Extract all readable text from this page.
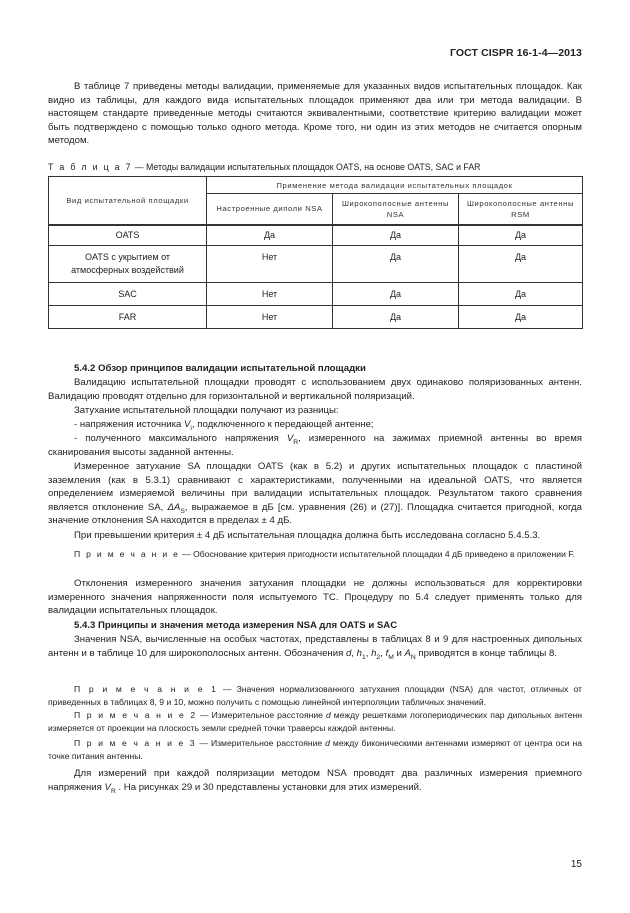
ГОСТ CISPR 16-1-4—2013

В таблице 7 приведены методы валидации, применяемые для указанных видов испытательных площадок. Как видно из таблицы, для каждого вида испытательных площадок применяют два или три метода валидации. В настоящем стандарте приведенные методы считаются эквивалентными, соответствие критерию валидации может быть подтверждено с помощью только одного метода. Кроме того, ни один из этих методов не считается опорным методом.

Т а б л и ц а 7 — Методы валидации испытательных площадок OATS, на основе OATS, SAC и FAR
Вид испытательной площадки	Применение метода валидации испытательных площадок		
	Настроенные диполи NSA	Широкополосные антенны NSA	Широкополосные антенны RSM
OATS	Да	Да	Да
OATS с укрытием от атмосферных воздействий	Нет	Да	Да
SAC	Нет	Да	Да
FAR	Нет	Да	Да

5.4.2 Обзор принципов валидации испытательной площадки

Валидацию испытательной площадки проводят с использованием двух одинаково поляризованных антенн. Валидацию проводят отдельно для горизонтальной и вертикальной поляризаций.

Затухание испытательной площадки получают из разницы:

- напряжения источника $V_i$, подключенного к передающей антенне;

- полученного максимального напряжения $V_R$, измеренного на зажимах приемной антенны во время сканирования высоты заданной антенны.

Измеренное затухание SA площадки OATS (как в 5.2) и других испытательных площадок с пластиной заземления (как в 5.3.1) сравнивают с характеристиками, полученными на идеальной OATS, что является определением измеряемой величины при валидации испытательных площадок. Результатом такого сравнения является отклонение SA, $\Delta A_S$, выражаемое в дБ [см. уравнения (26) и (27)]. Площадка считается пригодной, когда значение отклонения SA находится в пределах ± 4 дБ.

При превышении критерия ± 4 дБ испытательная площадка должна быть исследована согласно 5.4.5.3.

П р и м е ч а н и е — Обоснование критерия пригодности испытательной площадки 4 дБ приведено в приложении F.

Отклонения измеренного значения затухания площадки не должны использоваться для корректировки измеренного значения напряженности поля испытуемого ТС. Процедуру по 5.4 следует применять только для валидации испытательных площадок.

5.4.3 Принципы и значения метода измерения NSA для OATS и SAC

Значения NSA, вычисленные на особых частотах, представлены в таблицах 8 и 9 для настроенных дипольных антенн и в таблице 10 для широкополосных антенн. Обозначения d, $h_1$, $h_2$, $f_M$ и $A_N$ приводятся в конце таблицы 8.

П р и м е ч а н и е 1 — Значения нормализованного затухания площадки (NSA) для частот, отличных от приведенных в таблицах 8, 9 и 10, можно получить с помощью линейной интерполяции табличных значений.

П р и м е ч а н и е 2 — Измерительное расстояние d между решетками логопериодических пар дипольных антенн измеряется от проекции на плоскость земли средней точки траверсы каждой антенны.

П р и м е ч а н и е 3 — Измерительное расстояние d между биконическими антеннами измеряют от центра оси на точке питания антенны.

Для измерений при каждой поляризации методом NSA проводят два различных измерения приемного напряжения $V_R$ . На рисунках 29 и 30 представлены установки для этих измерений.

15
